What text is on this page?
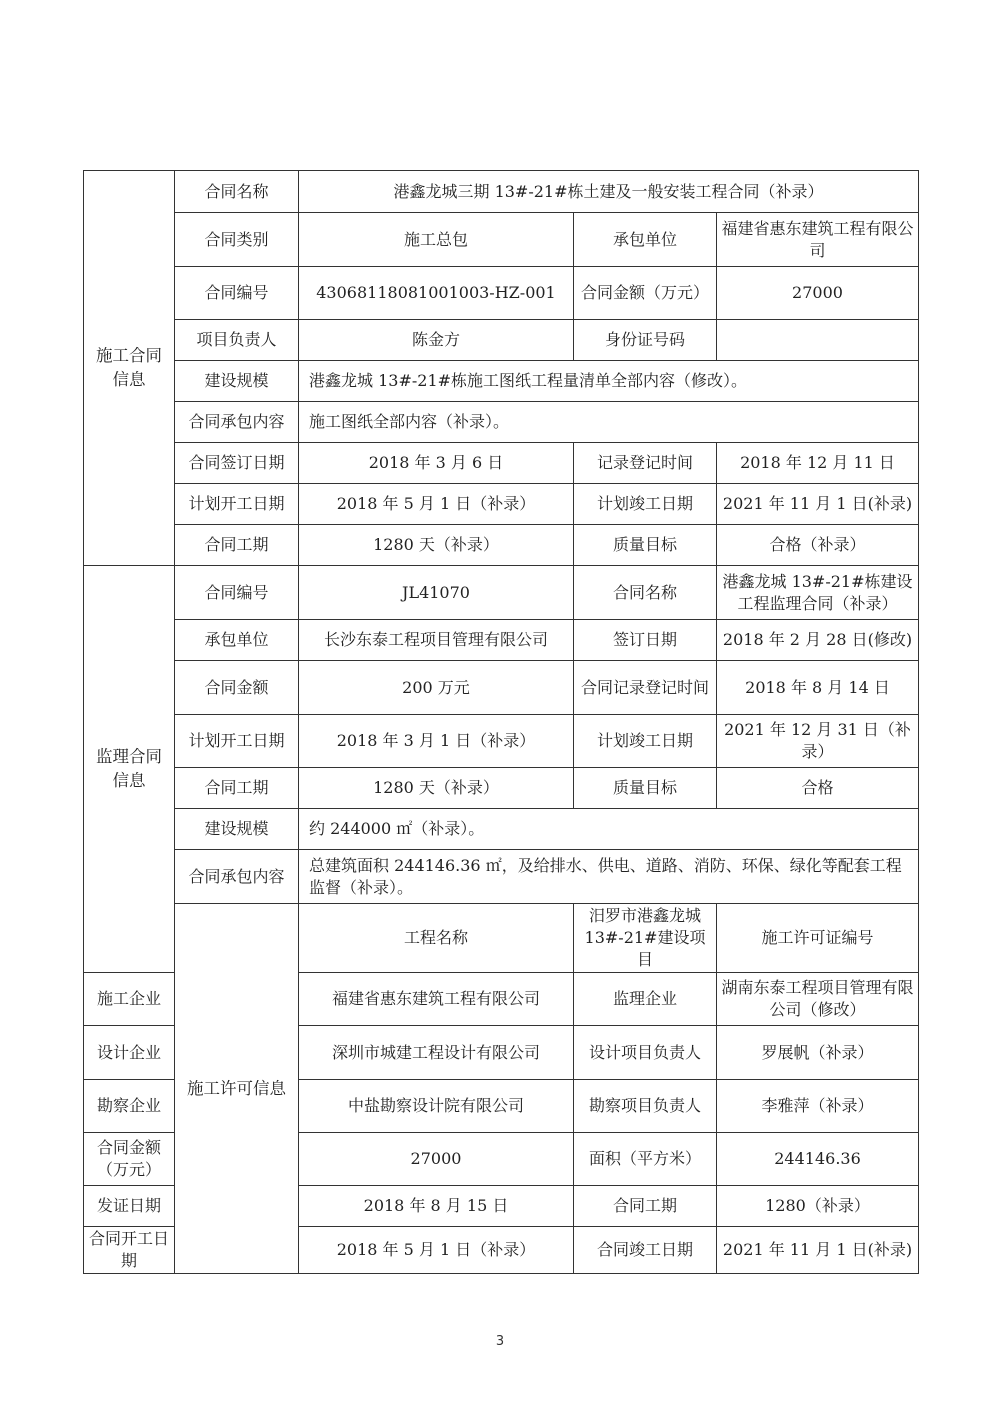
施工合同信息	合同名称	港鑫龙城三期 13#-21#栋土建及一般安装工程合同（补录）			
	合同类别	施工总包	承包单位	福建省惠东建筑工程有限公司	
	合同编号	43068118081001003-HZ-001	合同金额（万元）	27000	
	项目负责人	陈金方	身份证号码		
	建设规模	港鑫龙城 13#-21#栋施工图纸工程量清单全部内容（修改）。			
	合同承包内容	施工图纸全部内容（补录）。			
	合同签订日期	2018 年 3 月 6 日	记录登记时间	2018 年 12 月 11 日	
	计划开工日期	2018 年 5 月 1 日（补录）	计划竣工日期	2021 年 11 月 1 日(补录)	
	合同工期	1280 天（补录）	质量目标	合格（补录）	
监理合同信息	合同编号	JL41070	合同名称	港鑫龙城 13#-21#栋建设工程监理合同（补录）	
	承包单位	长沙东泰工程项目管理有限公司	签订日期	2018 年 2 月 28 日(修改)	
	合同金额	200 万元	合同记录登记时间	2018 年 8 月 14 日	
	计划开工日期	2018 年 3 月 1 日（补录）	计划竣工日期	2021 年 12 月 31 日（补录）	
	合同工期	1280 天（补录）	质量目标	合格	
	建设规模	约 244000 ㎡（补录）。			
	合同承包内容	总建筑面积 244146.36 ㎡，及给排水、供电、道路、消防、环保、绿化等配套工程监督（补录）。			
	施工许可信息	工程名称	汨罗市港鑫龙城 13#-21#建设项目	施工许可证编号	
施工企业		福建省惠东建筑工程有限公司	监理企业	湖南东泰工程项目管理有限公司（修改）	
设计企业		深圳市城建工程设计有限公司	设计项目负责人	罗展帆（补录）	
勘察企业		中盐勘察设计院有限公司	勘察项目负责人	李雅萍（补录）	
合同金额（万元）		27000	面积（平方米）	244146.36	
发证日期		2018 年 8 月 15 日	合同工期	1280（补录）	
合同开工日期		2018 年 5 月 1 日（补录）	合同竣工日期	2021 年 11 月 1 日(补录)	
3
